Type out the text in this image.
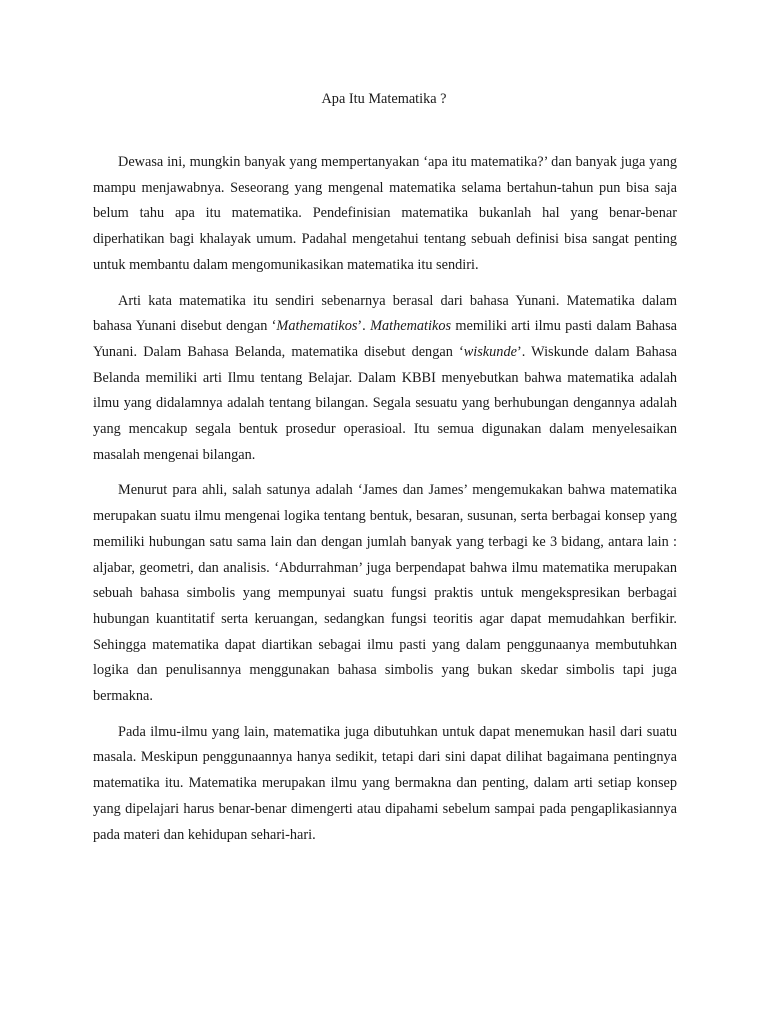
Apa Itu Matematika ?

Dewasa ini, mungkin banyak yang mempertanyakan ‘apa itu matematika?’ dan banyak juga yang mampu menjawabnya. Seseorang yang mengenal matematika selama bertahun-tahun pun bisa saja belum tahu apa itu matematika. Pendefinisian matematika bukanlah hal yang benar-benar diperhatikan bagi khalayak umum. Padahal mengetahui tentang sebuah definisi bisa sangat penting untuk membantu dalam mengomunikasikan matematika itu sendiri.

Arti kata matematika itu sendiri sebenarnya berasal dari bahasa Yunani. Matematika dalam bahasa Yunani disebut dengan ‘Mathematikos’. Mathematikos memiliki arti ilmu pasti dalam Bahasa Yunani. Dalam Bahasa Belanda, matematika disebut dengan ‘wiskunde’. Wiskunde dalam Bahasa Belanda memiliki arti Ilmu tentang Belajar. Dalam KBBI menyebutkan bahwa matematika adalah ilmu yang didalamnya adalah tentang bilangan. Segala sesuatu yang berhubungan dengannya adalah yang mencakup segala bentuk prosedur operasioal. Itu semua digunakan dalam menyelesaikan masalah mengenai bilangan.

Menurut para ahli, salah satunya adalah ‘James dan James’ mengemukakan bahwa matematika merupakan suatu ilmu mengenai logika tentang bentuk, besaran, susunan, serta berbagai konsep yang memiliki hubungan satu sama lain dan dengan jumlah banyak yang terbagi ke 3 bidang, antara lain : aljabar, geometri, dan analisis. ‘Abdurrahman’ juga berpendapat bahwa ilmu matematika merupakan sebuah bahasa simbolis yang mempunyai suatu fungsi praktis untuk mengekspresikan berbagai hubungan kuantitatif serta keruangan, sedangkan fungsi teoritis agar dapat memudahkan berfikir. Sehingga matematika dapat diartikan sebagai ilmu pasti yang dalam penggunaanya membutuhkan logika dan penulisannya menggunakan bahasa simbolis yang bukan skedar simbolis tapi juga bermakna.

Pada ilmu-ilmu yang lain, matematika juga dibutuhkan untuk dapat menemukan hasil dari suatu masala. Meskipun penggunaannya hanya sedikit, tetapi dari sini dapat dilihat bagaimana pentingnya matematika itu. Matematika merupakan ilmu yang bermakna dan penting, dalam arti setiap konsep yang dipelajari harus benar-benar dimengerti atau dipahami sebelum sampai pada pengaplikasiannya pada materi dan kehidupan sehari-hari.
